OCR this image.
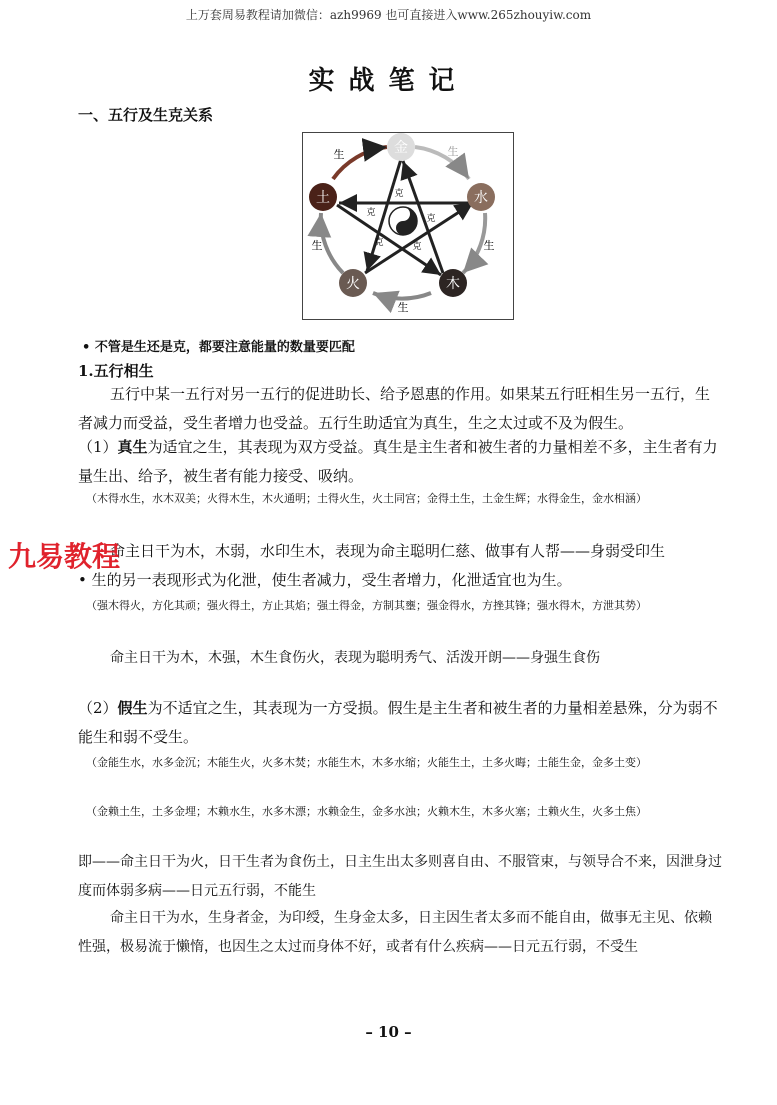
上万套周易教程请加微信：azh9969 也可直接进入www.265zhouyiw.com
实战笔记
一、五行及生克关系
金
水
木
火
土	克
克
克	克
克
生	生
生
生
生
• 不管是生还是克，都要注意能量的数量要匹配
1.五行相生
五行中某一五行对另一五行的促进助长、给予恩惠的作用。如果某五行旺相生另一五行，生者减力而受益，受生者增力也受益。五行生助适宜为真生，生之太过或不及为假生。
（1）真生为适宜之生，其表现为双方受益。真生是主生者和被生者的力量相差不多，主生者有力量生出、给予，被生者有能力接受、吸纳。
（木得水生，水木双美；火得木生，木火通明；土得火生，火土同宫；金得土生，土金生辉；水得金生，金水相涵）
命主日干为木，木弱，水印生木，表现为命主聪明仁慈、做事有人帮——身弱受印生
• 生的另一表现形式为化泄，使生者减力，受生者增力，化泄适宜也为生。
（强木得火，方化其顽；强火得土，方止其焰；强土得金，方制其壅；强金得水，方挫其锋；强水得木，方泄其势）
命主日干为木，木强，木生食伤火，表现为聪明秀气、活泼开朗——身强生食伤
（2）假生为不适宜之生，其表现为一方受损。假生是主生者和被生者的力量相差悬殊，分为弱不能生和弱不受生。
（金能生水，水多金沉；木能生火，火多木焚；水能生木，木多水缩；火能生土，土多火晦；土能生金，金多土变）
（金赖土生，土多金埋；木赖水生，水多木漂；水赖金生，金多水浊；火赖木生，木多火塞；土赖火生，火多土焦）
即——命主日干为火，日干生者为食伤土，日主生出太多则喜自由、不服管束，与领导合不来，因泄身过度而体弱多病——日元五行弱，不能生
命主日干为水，生身者金，为印绶，生身金太多，日主因生者太多而不能自由，做事无主见、依赖性强，极易流于懒惰，也因生之太过而身体不好，或者有什么疾病——日元五行弱，不受生
九易教程
– 10 –
